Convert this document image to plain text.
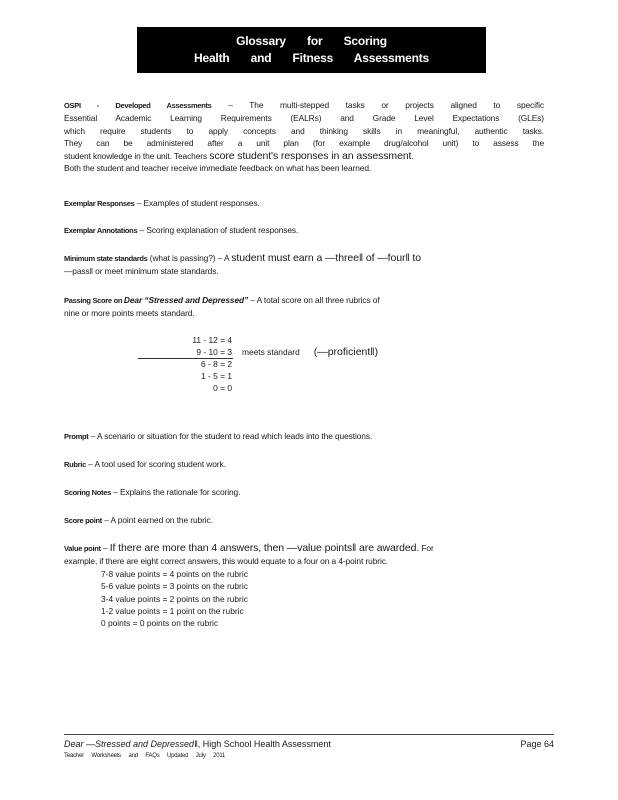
Glossary for Scoring
Health and Fitness Assessments
OSPI - Developed Assessments – The multi-stepped tasks or projects aligned to specific
Essential Academic Learning Requirements (EALRs) and Grade Level Expectations (GLEs)
which require students to apply concepts and thinking skills in meaningful, authentic tasks.
They can be administered after a unit plan (for example drug/alcohol unit) to assess the
student knowledge in the unit. Teachers score student's responses in an assessment.
Both the student and teacher receive immediate feedback on what has been learned.
Exemplar Responses – Examples of student responses.
Exemplar Annotations – Scoring explanation of student responses.
Minimum state standards (what is passing?) – A student must earn a ―three‖ of ―four‖ to
―pass‖ or meet minimum state standards.
Passing Score on Dear “Stressed and Depressed” – A total score on all three rubrics of
nine or more points meets standard.
11 - 12 = 4
9 - 10 = 3
6 - 8 = 2
1 - 5 = 1
0 = 0
meets standard (―proficient‖)
Prompt – A scenario or situation for the student to read which leads into the questions.
Rubric – A tool used for scoring student work.
Scoring Notes – Explains the rationale for scoring.
Score point – A point earned on the rubric.
Value point – If there are more than 4 answers, then ―value points‖ are awarded. For
example, if there are eight correct answers, this would equate to a four on a 4-point rubric.
7-8 value points = 4 points on the rubric
5-6 value points = 3 points on the rubric
3-4 value points = 2 points on the rubric
1-2 value points = 1 point on the rubric
0 points = 0 points on the rubric
Dear ―Stressed and Depressed‖, High School Health Assessment	Page 64
Teacher Worksheets and FAQs Updated July 2011
